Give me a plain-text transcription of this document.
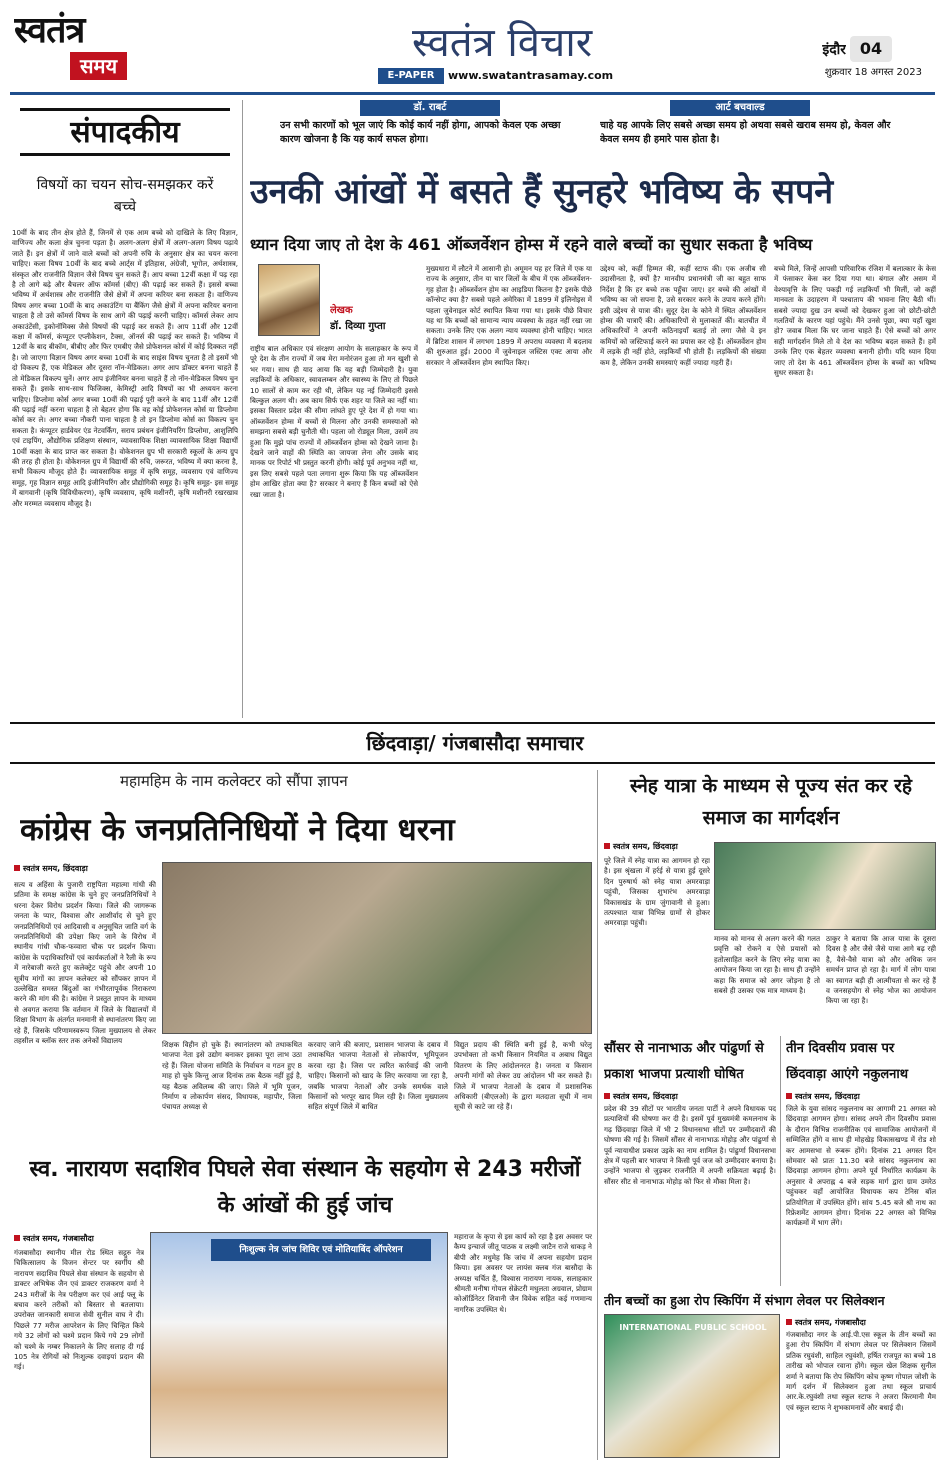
स्वतंत्र
समय	स्वतंत्र विचार
E-PAPER	www.swatantrasamay.com
इंदौर 04
शुक्रवार 18 अगस्त 2023
डॉ. राबर्ट
उन सभी कारणों को भूल जाएं कि कोई कार्य नहीं होगा, आपको केवल एक अच्छा कारण खोजना है कि यह कार्य सफल होगा।
आर्ट बचवाल्ड
चाहे यह आपके लिए सबसे अच्छा समय हो अथवा सबसे खराब समय हो, केवल और केवल समय ही हमारे पास होता है।
संपादकीय
विषयों का चयन सोच-समझकर करें बच्चे
10वीं के बाद तीन क्षेत्र होते हैं, जिनमें से एक आम बच्चे को दाखिले के लिए विज्ञान, वाणिज्य और कला क्षेत्र चुनना पड़ता है। अलग-अलग क्षेत्रों में अलग-अलग विषय पढ़ाये जाते हैं। इन क्षेत्रों में जाने वाले बच्चों को अपनी रुचि के अनुसार क्षेत्र का चयन करना चाहिए। कला विषय 10वीं के बाद बच्चे आर्ट्स में इतिहास, अंग्रेजी, भूगोल, अर्थशास्त्र, संस्कृत और राजनीति विज्ञान जैसे विषय चुन सकते हैं। आप बच्चा 12वीं कक्षा में पढ़ रहा है तो आगे बढ़े और बैचलर ऑफ कॉमर्स (बीए) की पढ़ाई कर सकते हैं। इससे बच्चा भविष्य में अर्थशास्त्र और राजनीति जैसे क्षेत्रों में अपना करियर बना सकता है। वाणिज्य विषय अगर बच्चा 10वीं के बाद अकाउंटिंग या बैंकिंग जैसे क्षेत्रों में अपना करियर बनाना चाहता है तो उसे कॉमर्स विषय के साथ आगे की पढ़ाई करनी चाहिए। कॉमर्स लेकर आप अकाउंटेंसी, इकोनॉमिक्स जैसे विषयों की पढ़ाई कर सकते हैं। आप 11वीं और 12वीं कक्षा में कॉमर्स, कंप्यूटर एप्लीकेशन, टैक्स, ऑनर्स की पढ़ाई कर सकते हैं। भविष्य में 12वीं के बाद बीकॉम, बीबीए और फिर एमबीए जैसे प्रोफेशनल कोर्स में कोई दिक्कत नहीं है। जो जाएगा विज्ञान विषय अगर बच्चा 10वीं के बाद साइंस विषय चुनता है तो इसमें भी दो विकल्प हैं, एक मेडिकल और दूसरा नॉन-मेडिकल। अगर आप डॉक्टर बनना चाहते हैं तो मेडिकल विकल्प चुनें। अगर आप इंजीनियर बनना चाहते हैं तो नॉन-मेडिकल विषय चुन सकते हैं। इसके साथ-साथ फिजिक्स, केमिस्ट्री आदि विषयों का भी अध्ययन करना चाहिए। डिप्लोमा कोर्स अगर बच्चा 10वीं की पढ़ाई पूरी करने के बाद 11वीं और 12वीं की पढ़ाई नहीं करना चाहता है तो बेहतर होगा कि वह कोई प्रोफेशनल कोर्स या डिप्लोमा कोर्स कर ले। अगर बच्चा नौकरी पाना चाहता है तो इन डिप्लोमा कोर्स का विकल्प चुन सकता है। कंप्यूटर हार्डवेयर एंड नेटवर्किंग, सराय प्रबंधन इंजीनियरिंग डिप्लोमा, आशुलिपि एवं टाइपिंग, औद्योगिक प्रशिक्षण संस्थान, व्यावसायिक शिक्षा व्यावसायिक शिक्षा विद्यार्थी 10वीं कक्षा के बाद प्राप्त कर सकता है। वोकेशनल ग्रुप भी सरकारी स्कूलों के अन्य ग्रुप की तरह ही होता है। वोकेशनल ग्रुप में विद्यार्थी की रुचि, जरूरत, भविष्य में क्या करना है, सभी विकल्प मौजूद होते हैं। व्यावसायिक समूह में कृषि समूह, व्यवसाय एवं वाणिज्य समूह, गृह विज्ञान समूह आदि इंजीनियरिंग और प्रौद्योगिकी समूह है। कृषि समूह- इस समूह में बागवानी (कृषि विविधीकरण), कृषि व्यवसाय, कृषि मशीनरी, कृषि मशीनरी रखरखाव और मरम्मत व्यवसाय मौजूद है।
उनकी आंखों में बसते हैं सुनहरे भविष्य के सपने
ध्यान दिया जाए तो देश के 461 ऑब्जर्वेशन होम्स में रहने वाले बच्चों का सुधार सकता है भविष्य
लेखक
डॉ. दिव्या गुप्ता
राष्ट्रीय बाल अधिकार एवं संरक्षण आयोग के सलाहकार के रूप में पूरे देश के तीन राज्यों में जब मेरा मनोरंजन हुआ तो मन खुशी से भर गया। साथ ही याद आया कि यह बड़ी जिम्मेदारी है। युवा लड़कियों के अधिकार, स्वावलम्बन और स्वास्थ्य के लिए तो पिछले 10 सालों से काम कर रही थी, लेकिन यह नई जिम्मेदारी इससे बिल्कुल अलग थी। अब काम सिर्फ एक शहर या जिले का नहीं था। इसका विस्तार प्रदेश की सीमा लांघते हुए पूरे देश में हो गया था। ऑब्जर्वेशन होम्स में बच्चों से मिलना और उनकी समस्याओं को समझना सबसे बड़ी चुनौती थी। पहला जो रोड्यूल मिला, उसमें तय हुआ कि मुझे पांच राज्यों में ऑब्जर्वेशन होम्स को देखने जाना है। देखने जाने वाहों की स्थिति का जायजा लेना और उसके बाद मानक पर रिपोर्ट भी प्रस्तुत करनी होगी। कोई पूर्व अनुभव नहीं था, इस लिए सबसे पहले पता लगाना शुरू किया कि यह ऑब्जर्वेशन होम आखिर होता क्या है? सरकार ने बनाए हैं किन बच्चों को ऐसे रखा जाता है।
मुख्यधारा में लौटने में आसानी हो। अमूमन यह हर जिले में एक या राज्य के अनुसार, तीन या चार जिलों के बीच में एक ऑब्जर्वेशन-गृह होता है। ऑब्जर्वेशन होम का आइडिया कितना है? इसके पीछे कॉन्सेप्ट क्या है? सबसे पहले अमेरिका में 1899 में इलिनोइस में पहला जुवेनाइल कोर्ट स्थापित किया गया था। इसके पीछे विचार यह था कि बच्चों को सामान्य न्याय व्यवस्था के तहत नहीं रखा जा सकता। उनके लिए एक अलग न्याय व्यवस्था होनी चाहिए। भारत में ब्रिटिश शासन में लगभग 1899 में अपराध व्यवस्था में बदलाव की शुरुआत हुई। 2000 में जुवेनाइल जस्टिस एक्ट आया और सरकार ने ऑब्जर्वेशन होम स्थापित किए।
उद्देश्य को, कहीं हिम्मत की, कहीं स्टाफ की। एक अजीब सी उदासीनता है, क्यों है? मानवीय प्रधानमंत्री जी का बहुत साफ निर्देश है कि हर बच्चे तक पहुँचा जाए। हर बच्चे की आंखों में भविष्य का जो सपना है, उसे सरकार करने के उपाय करने होंगे। इसी उद्देश्य से यात्रा की। सुदूर देश के कोने में स्थित ऑब्जर्वेशन होम्स की यात्राएँ की। अधिकारियों से मुलाकातें कीं। बातचीत में अधिकारियों ने अपनी कठिनाइयाँ बताई तो लगा जैसे वे इन कमियों को जस्टिफाई करने का प्रयास कर रहे हैं। ऑब्जर्वेशन होम में लड़के ही नहीं होते, लड़कियाँ भी होती हैं। लड़कियों की संख्या कम है, लेकिन उनकी समस्याएं कहीं ज्यादा गहरी हैं।
बच्चे मिले, जिन्हें आपसी पारिवारिक रंजिश में बलात्कार के केस में फंसाकर केस कर दिया गया था। बंगाल और असम में वेश्यावृत्ति के लिए पकड़ी गई लड़कियाँ भी मिलीं, जो कहीं मानवता के उदाहरण में पश्चाताप की भावना लिए बैठी थीं। सबसे ज्यादा दुख उन बच्चों को देखकर हुआ जो छोटी-छोटी गलतियों के कारण यहां पहुंचे। मैंने उनसे पूछा, क्या यहाँ खुश हो? जवाब मिला कि घर जाना चाहते हैं। ऐसे बच्चों को अगर सही मार्गदर्शन मिले तो वे देश का भविष्य बदल सकते हैं। हमें उनके लिए एक बेहतर व्यवस्था बनानी होगी। यदि ध्यान दिया जाए तो देश के 461 ऑब्जर्वेशन होम्स के बच्चों का भविष्य सुधर सकता है।
छिंदवाड़ा/ गंजबासौदा समाचार
महामहिम के नाम कलेक्टर को सौंपा ज्ञापन
कांग्रेस के जनप्रतिनिधियों ने दिया धरना
स्वतंत्र समय, छिंदवाड़ा
सत्य व अहिंसा के पुजारी राष्ट्रपिता महात्मा गांधी की प्रतिमा के समक्ष कांग्रेस के चुने हुए जनप्रतिनिधियों ने धरना देकर विरोध प्रदर्शन किया। जिले की जागरूक जनता के प्यार, विश्वास और आशीर्वाद से चुने हुए जनप्रतिनिधियों एवं आदिवासी व अनुसूचित जाति वर्ग के जनप्रतिनिधियों की उपेक्षा किए जाने के विरोध में स्थानीय गांधी चौक-फव्वारा चौक पर प्रदर्शन किया। कांग्रेस के पदाधिकारियों एवं कार्यकर्ताओं ने रैली के रूप में नारेबाजी करते हुए कलेक्ट्रेट पहुंचे और अपनी 10 सूत्रीय मांगों का ज्ञापन कलेक्टर को सौंपकर ज्ञापन में उल्लेखित समस्त बिंदुओं का गंभीरतापूर्वक निराकरण करने की मांग की है। कांग्रेस ने प्रस्तुत ज्ञापन के माध्यम से अवगत कराया कि वर्तमान में जिले के विद्यालयों में शिक्षा विभाग के अंतर्गत मनमानी से स्थानांतरण किए जा रहे हैं, जिसके परिणामस्वरूप जिला मुख्यालय से लेकर तहसील व ब्लॉक स्तर तक अनेकों विद्यालय	शिक्षक विहीन हो चुके हैं। स्थानांतरण को तथाकथित भाजपा नेता इसे उद्योग बनाकर इसका पूरा लाभ उठा रहे हैं। जिला योजना समिति के निर्वाचन व गठन हुए 8 माह हो चुके किन्तु आज दिनांक तक बैठक नहीं हुई है, यह बैठक अविलम्ब की जाए। जिले में भूमि पूजन, निर्माण व लोकार्पण संसद, विधायक, महापौर, जिला पंचायत अध्यक्ष से
करवाए जाने की बजाए, प्रशासन भाजपा के दबाव में तथाकथित भाजपा नेताओं से लोकार्पण, भूमिपूजन करवा रहा है। जिस पर त्वरित कार्रवाई की जानी चाहिए। किसानों को खाद के लिए करवाया जा रहा है, जबकि भाजपा नेताओं और उनके समर्थक वाले किसानों को भरपूर खाद मिल रही है। जिला मुख्यालय सहित संपूर्ण जिले में बाधित
विद्युत प्रदाय की स्थिति बनी हुई है, कभी घरेलू उपभोक्ता तो कभी किसान नियमित व अबाध विद्युत वितरण के लिए आंदोलनरत है। जनता व किसान अपनी मांगों को लेकर उग्र आंदोलन भी कर सकते हैं। जिले में भाजपा नेताओं के दबाव में प्रशासनिक अधिकारी (बीएलओ) के द्वारा मतदाता सूची में नाम सूची से काटे जा रहे हैं।
स्नेह यात्रा के माध्यम से पूज्य संत कर रहे समाज का मार्गदर्शन
स्वतंत्र समय, छिंदवाड़ा
पूरे जिले में स्नेह यात्रा का आगमन हो रहा है। इस श्रृंखला में हर्रई से यात्रा हुई दूसरे दिन पुरुषार्थ को स्नेह यात्रा अमरवाड़ा पहुंची, जिसका शुभारंभ अमरवाड़ा विकासखंड के ग्राम जुंगावानी से हुआ। तत्पश्चात यात्रा विभिन्न ग्रामों से होकर अमरवाड़ा पहुंची।
मानव को मानव से अलग करने की गलत प्रवृत्ति को रोकने व ऐसे प्रयासों को हतोत्साहित करने के लिए स्नेह यात्रा का आयोजन किया जा रहा है। साथ ही उन्होंने कहा कि समाज को अगर जोड़ना है तो सबसे ही उसका एक मात्र माध्यम है।
ठाकुर ने बताया कि आज यात्रा के दूसरा दिवस है और जैसे जैसे यात्रा आगे बढ़ रही है, वैसे-वैसे यात्रा को और अधिक जन समर्थन प्राप्त हो रहा है। मार्ग में लोग यात्रा का स्वागत बड़ी ही आत्मीयता से कर रहे हैं व जनसहयोग से स्नेह भोज का आयोजन किया जा रहा है।
सौंसर से नानाभाऊ और पांढुर्णा से प्रकाश भाजपा प्रत्याशी घोषित
स्वतंत्र समय, छिंदवाड़ा
प्रदेश की 39 सीटों पर भारतीय जनता पार्टी ने अपने विधायक पद प्रत्याशियों की घोषणा कर दी है। इसमें पूर्व मुख्यमंत्री कमलनाथ के गढ़ छिंदवाड़ा जिले में भी 2 विधानसभा सीटों पर उम्मीदवारों की घोषणा की गई है। जिसमें सौंसर से नानाभाऊ मोहोड़ और पांढुर्णा से पूर्व न्यायाधीश प्रकाश उइके का नाम शामिल है। पांढुर्णा विधानसभा क्षेत्र में पहली बार भाजपा ने किसी पूर्व जज को उम्मीदवार बनाया है। उन्होंने भाजपा से जुड़कर राजनीति में अपनी सक्रियता बढ़ाई है। सौंसर सीट से नानाभाऊ मोहोड़ को फिर से मौका मिला है।
तीन दिवसीय प्रवास पर छिंदवाड़ा आएंगे नकुलनाथ
स्वतंत्र समय, छिंदवाड़ा
जिले के युवा सांसद नकुलनाथ का आगामी 21 अगस्त को छिंदवाड़ा आगमन होगा। सांसद अपने तीन दिवसीय प्रवास के दौरान विभिन्न राजनीतिक एवं सामाजिक आयोजनों में सम्मिलित होंगे व साथ ही मोहखेड़ विकासखण्ड में रोड शो कर आमसभा से रूबरू होंगे। दिनांक 21 अगस्त दिन सोमवार को प्रातः 11.30 बजे सांसद नकुलनाथ का छिंदवाड़ा आगमन होगा। अपने पूर्व निर्धारित कार्यक्रम के अनुसार वे अपराह्न 4 बजे सड़क मार्ग द्वारा ग्राम उमरेठ पहुंचकर वहाँ आयोजित विधायक कप टेनिस बॉल प्रतियोगिता में उपस्थित होंगे। सांय 5.45 बजे श्री नाथ का रिफ्रेशमेंट आगमन होगा। दिनांक 22 अगस्त को विभिन्न कार्यक्रमों में भाग लेंगे।
स्व. नारायण सदाशिव पिघले सेवा संस्थान के सहयोग से 243 मरीजों के आंखों की हुई जांच
स्वतंत्र समय, गंजबासौदा
गंजबासौदा स्थानीय मील रोड स्थित सद्गुरु नेत्र चिकित्सालय के विजन सेन्टर पर स्वर्गीय श्री नारायण सदाशिव पिघले सेवा संस्थान के सहयोग से डाक्टर अभिषेक जैन एवं डाक्टर राजकरण वर्मा ने 243 मरीजों के नेत्र परीक्षण कर एवं आई फ्लू के बचाव करने तरीकों को बिस्तार से बतलाया। उपरोक्त जानकारी समाज सेवी सुनील वाघ ने दी। पिछले 77 मरीज आपरेशन के लिए चिन्हित किये गये 32 लोगों को चश्मे प्रदान किये गये 29 लोगों को चश्मे के नम्बर निकालने के लिए सलाह दी गई 105 नेत्र रोगियों को निःशुल्क दवाइयां प्रदान की गई।
निःशुल्क नेत्र जांच शिविर एवं मोतियाबिंद ऑपरेशन
महाराज के कृपा से इस कार्य को रहा है इस अवसर पर कैम्प इन्चार्ज जीतू पाठक व लक्ष्मी जाटैन राजे धाकड़ ने बीपी और मधुमेह कि जांच में अपना सहयोग प्रदान किया। इस अवसर पर लायंस क्लब गंज बासौदा के अध्यक्ष चर्चित हैं, विश्वास नारायण नायक, सलाहकार श्रीमती मनीषा गोयल सेक्रेटरी मधुलता अग्रवाल, प्रोग्राम कोऑर्डिनेटर शिवानी जैन विवेक सहित कई गणमान्य नागरिक उपस्थित थे।
तीन बच्चों का हुआ रोप स्किपिंग में संभाग लेवल पर सिलेक्शन
INTERNATIONAL PUBLIC SCHOOL
स्वतंत्र समय, गंजबासौदा
गंजबासौदा नगर के आई.पी.एस स्कूल के तीन बच्चों का हुआ रोप स्किपिंग में संभाग लेवल पर सिलेक्शन जिसमें प्रतिक रघुवंशी, साहिल रघुवंशी, हर्षित राजपूत का बच्चे 18 तारीख को भोपाल रवाना होंगे। स्कूल खेल शिक्षक सुनील शर्मा ने बताया कि रोप स्किपिंग कोच कृष्ण गोपाल जोशी के मार्ग दर्शन में सिलेक्शन हुआ तथा स्कूल प्राचार्य आर.के.रघुवंशी तथा स्कूल स्टाफ ने अजरा किरमानी मैम एवं स्कूल स्टाफ ने शुभकामनायें और बधाई दी।
